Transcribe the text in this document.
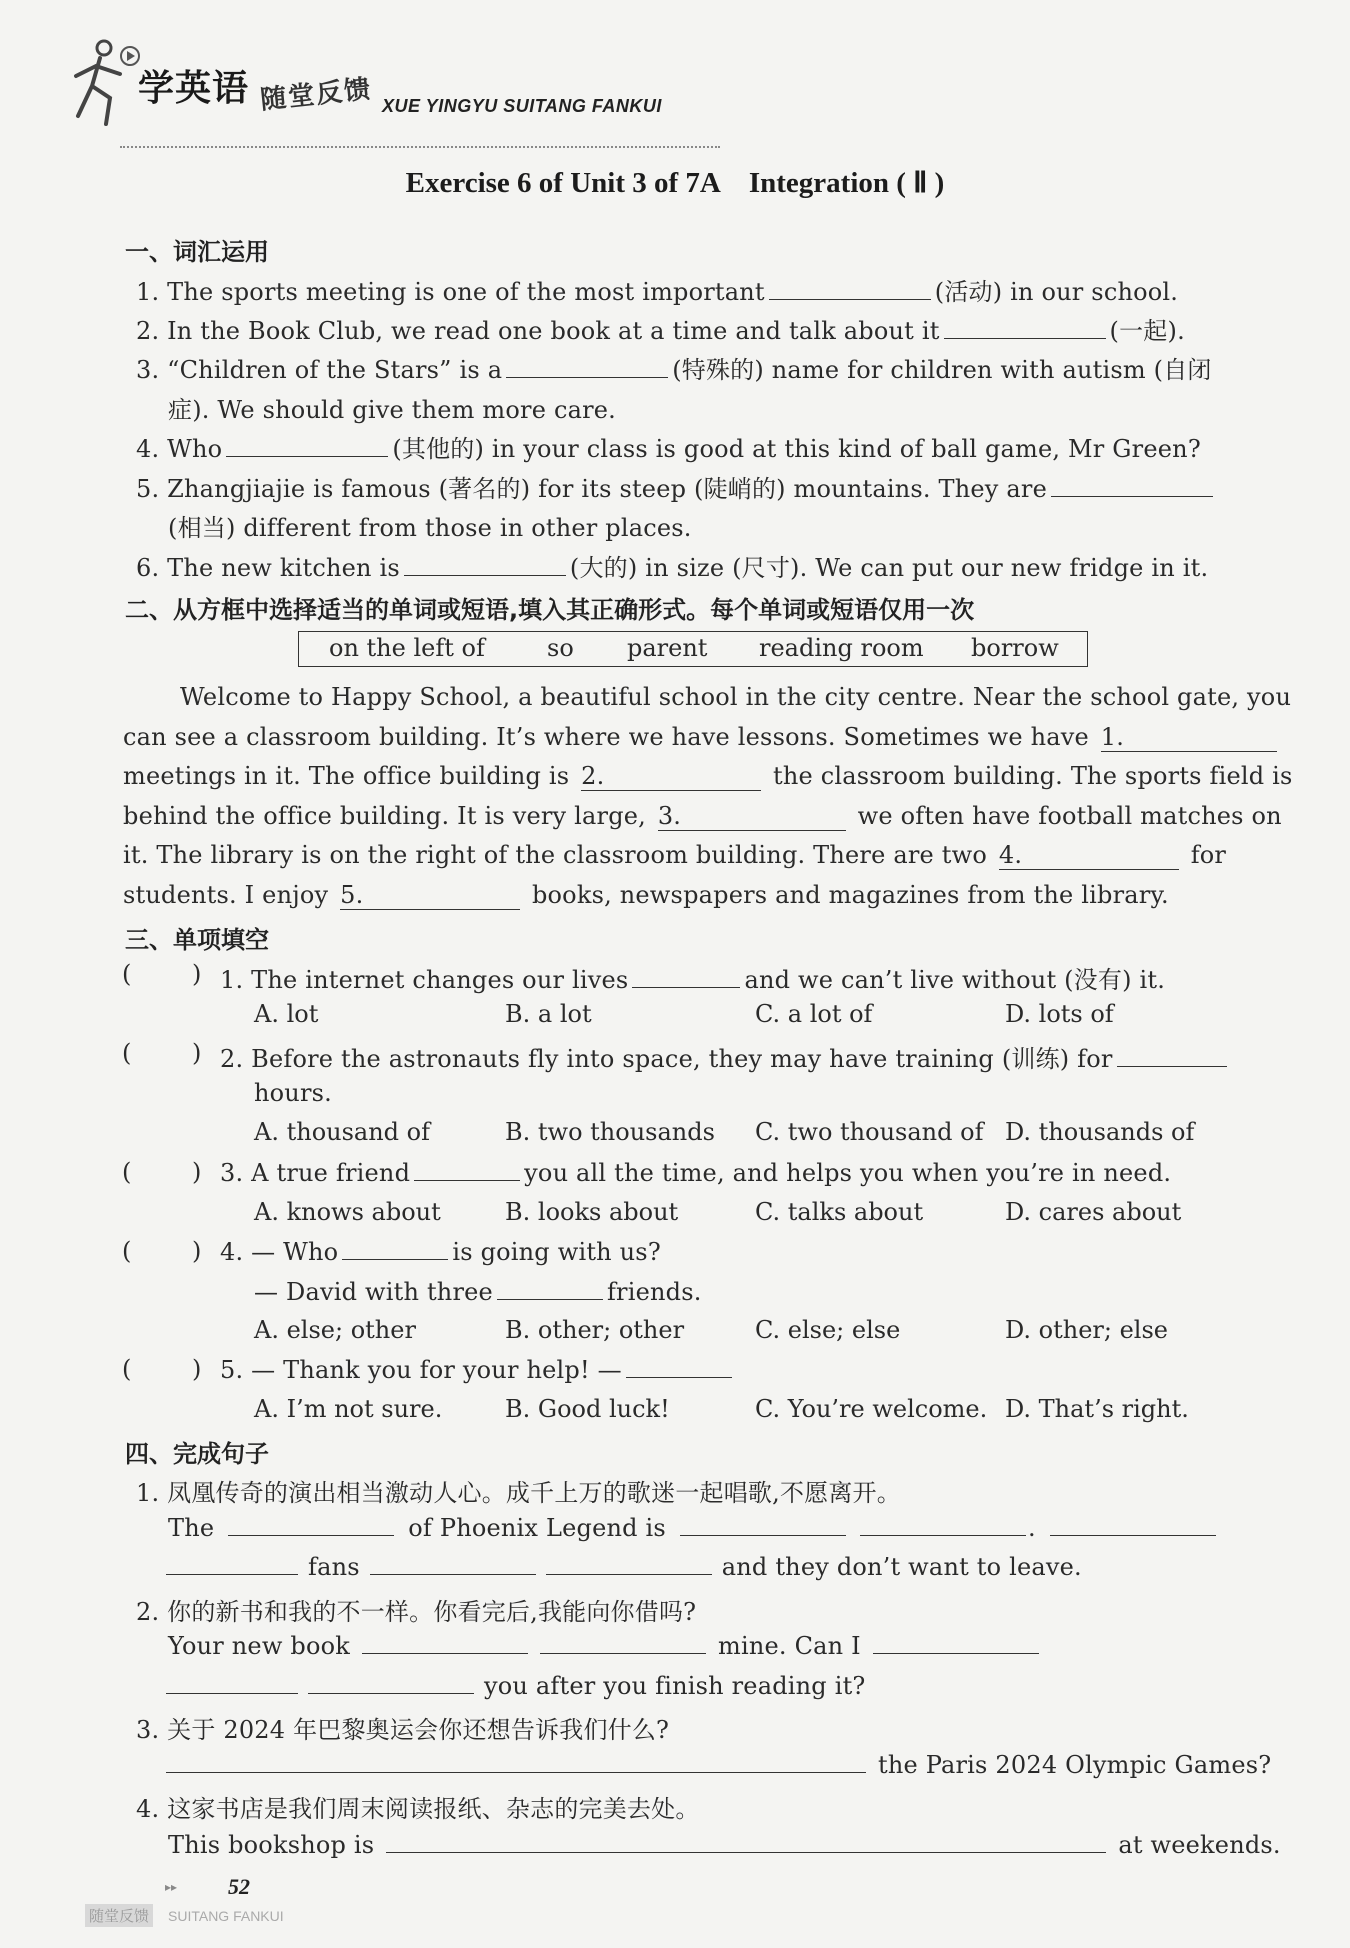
学英语 随堂反馈 XUE YINGYU SUITANG FANKUI
Exercise 6 of Unit 3 of 7A Integration ( Ⅱ )
一、词汇运用
1. The sports meeting is one of the most important	(活动) in our school.
2. In the Book Club, we read one book at a time and talk about it	(一起).
3. “Children of the Stars” is a	(特殊的) name for children with autism (自闭
症). We should give them more care.
4. Who	(其他的) in your class is good at this kind of ball game, Mr Green?
5. Zhangjiajie is famous (著名的) for its steep (陡峭的) mountains. They are
(相当) different from those in other places.
6. The new kitchen is	(大的) in size (尺寸). We can put our new fridge in it.
二、从方框中选择适当的单词或短语,填入其正确形式。每个单词或短语仅用一次
on the left of	so parent reading room borrow
Welcome to Happy School, a beautiful school in the city centre. Near the school gate, you
can see a classroom building. It’s where we have lessons. Sometimes we have 1.
meetings in it. The office building is 2.	the classroom building. The sports field is
behind the office building. It is very large, 3.	we often have football matches on
it. The library is on the right of the classroom building. There are two 4.	for
students. I enjoy 5.	books, newspapers and magazines from the library.
三、单项填空
(	) 1. The internet changes our lives	and we can’t live without (没有) it.
A. lot	B. a lot	C. a lot of	D. lots of
(	) 2. Before the astronauts fly into space, they may have training (训练) for
hours.
A. thousand of	B. two thousands C. two thousand of D. thousands of
(	) 3. A true friend	you all the time, and helps you when you’re in need.
A. knows about	B. looks about	C. talks about	D. cares about
(	) 4. — Who	is going with us?
— David with three	friends.
A. else; other	B. other; other	C. else; else	D. other; else
(	) 5. — Thank you for your help! —
A. I’m not sure.	B. Good luck!	C. You’re welcome. D. That’s right.
四、完成句子
1. 凤凰传奇的演出相当激动人心。成千上万的歌迷一起唱歌,不愿离开。
The	of Phoenix Legend is	.
fans	and they don’t want to leave.
2. 你的新书和我的不一样。你看完后,我能向你借吗?
Your new book	mine. Can I
you after you finish reading it?
3. 关于 2024 年巴黎奥运会你还想告诉我们什么?
the Paris 2024 Olympic Games?
4. 这家书店是我们周末阅读报纸、杂志的完美去处。
This bookshop is	at weekends.
▸▸ 52
随堂反馈 SUITANG FANKUI
